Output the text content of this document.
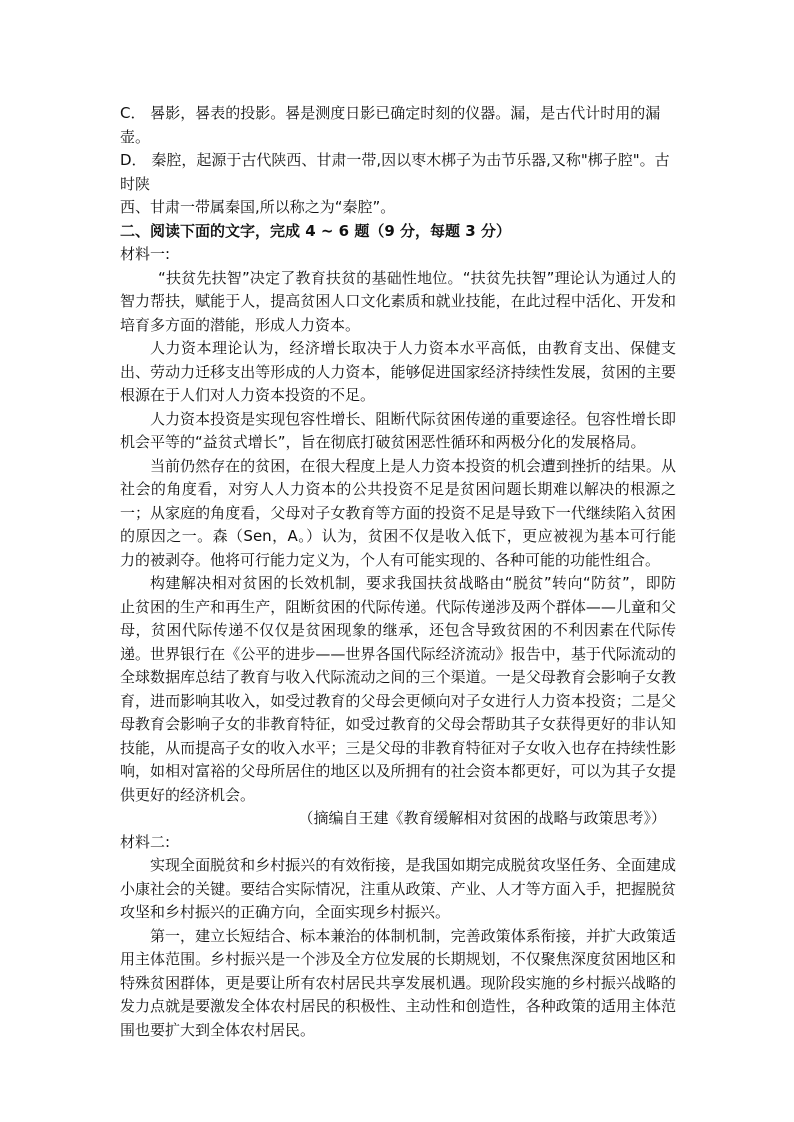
C． 晷影，晷表的投影。晷是测度日影已确定时刻的仪器。漏，是古代计时用的漏壶。

D． 秦腔，起源于古代陕西、甘肃一带,因以枣木梆子为击节乐器,又称"梆子腔"。古时陕

西、甘肃一带属秦国,所以称之为“秦腔”。

二、阅读下面的文字，完成 4 ~ 6 题（9 分，每题 3 分）

材料一:

“扶贫先扶智”决定了教育扶贫的基础性地位。“扶贫先扶智”理论认为通过人的智力帮扶，赋能于人，提高贫困人口文化素质和就业技能，在此过程中活化、开发和培育多方面的潜能，形成人力资本。

人力资本理论认为，经济增长取决于人力资本水平高低，由教育支出、保健支出、劳动力迁移支出等形成的人力资本，能够促进国家经济持续性发展，贫困的主要根源在于人们对人力资本投资的不足。

人力资本投资是实现包容性增长、阻断代际贫困传递的重要途径。包容性增长即机会平等的“益贫式增长”，旨在彻底打破贫困恶性循环和两极分化的发展格局。

当前仍然存在的贫困，在很大程度上是人力资本投资的机会遭到挫折的结果。从社会的角度看，对穷人人力资本的公共投资不足是贫困问题长期难以解决的根源之一；从家庭的角度看，父母对子女教育等方面的投资不足是导致下一代继续陷入贫困的原因之一。森（Sen，A。）认为，贫困不仅是收入低下，更应被视为基本可行能力的被剥夺。他将可行能力定义为，个人有可能实现的、各种可能的功能性组合。

构建解决相对贫困的长效机制，要求我国扶贫战略由“脱贫”转向“防贫”，即防止贫困的生产和再生产，阻断贫困的代际传递。代际传递涉及两个群体——儿童和父母，贫困代际传递不仅仅是贫困现象的继承，还包含导致贫困的不利因素在代际传递。世界银行在《公平的进步——世界各国代际经济流动》报告中，基于代际流动的全球数据库总结了教育与收入代际流动之间的三个渠道。一是父母教育会影响子女教育，进而影响其收入，如受过教育的父母会更倾向对子女进行人力资本投资；二是父母教育会影响子女的非教育特征，如受过教育的父母会帮助其子女获得更好的非认知技能，从而提高子女的收入水平；三是父母的非教育特征对子女收入也存在持续性影响，如相对富裕的父母所居住的地区以及所拥有的社会资本都更好，可以为其子女提供更好的经济机会。

（摘编自王建《教育缓解相对贫困的战略与政策思考》）

材料二:

实现全面脱贫和乡村振兴的有效衔接，是我国如期完成脱贫攻坚任务、全面建成小康社会的关键。要结合实际情况，注重从政策、产业、人才等方面入手，把握脱贫攻坚和乡村振兴的正确方向，全面实现乡村振兴。

第一，建立长短结合、标本兼治的体制机制，完善政策体系衔接，并扩大政策适用主体范围。乡村振兴是一个涉及全方位发展的长期规划，不仅聚焦深度贫困地区和特殊贫困群体，更是要让所有农村居民共享发展机遇。现阶段实施的乡村振兴战略的发力点就是要激发全体农村居民的积极性、主动性和创造性，各种政策的适用主体范围也要扩大到全体农村居民。
